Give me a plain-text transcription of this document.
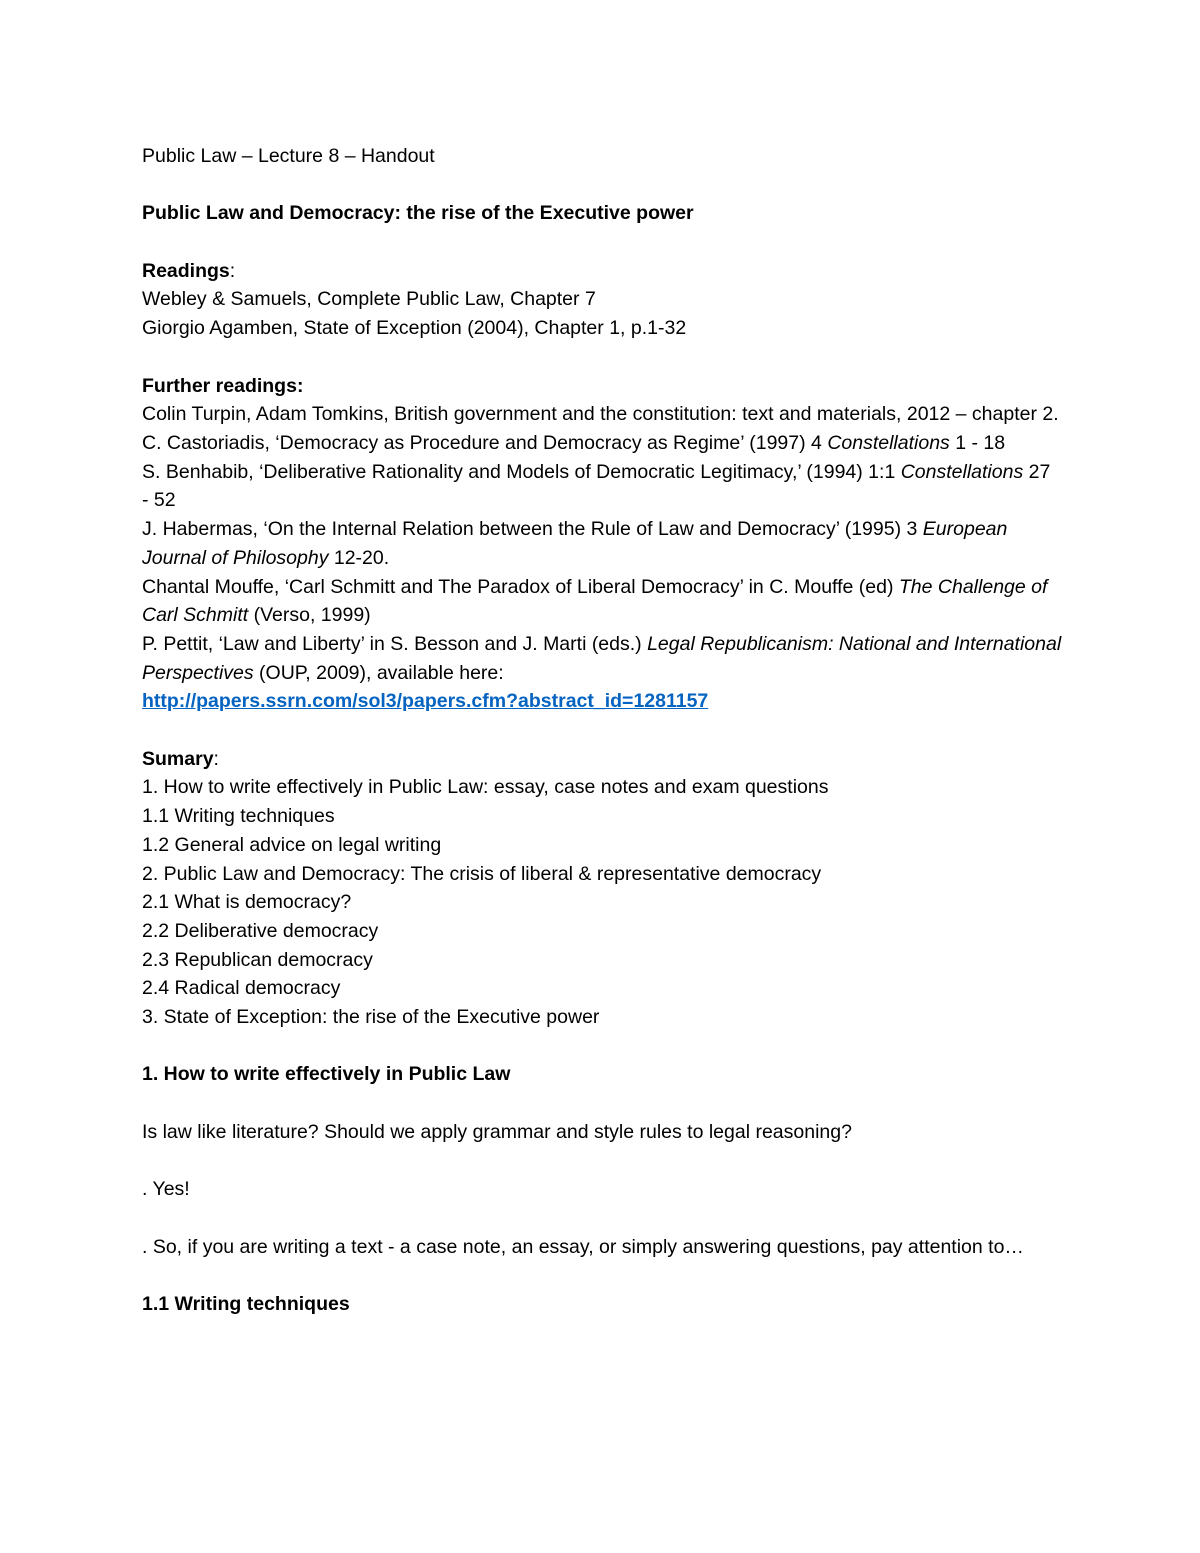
Public Law – Lecture 8 – Handout
Public Law and Democracy: the rise of the Executive power
Readings:
Webley & Samuels, Complete Public Law, Chapter 7
Giorgio Agamben, State of Exception (2004), Chapter 1, p.1-32
Further readings:
Colin Turpin, Adam Tomkins, British government and the constitution: text and materials, 2012 – chapter 2.
C. Castoriadis, ‘Democracy as Procedure and Democracy as Regime’ (1997) 4 Constellations 1 - 18
S. Benhabib, ‘Deliberative Rationality and Models of Democratic Legitimacy,’ (1994) 1:1 Constellations 27 - 52
J. Habermas, ‘On the Internal Relation between the Rule of Law and Democracy’ (1995) 3 European Journal of Philosophy 12-20.
Chantal Mouffe, ‘Carl Schmitt and The Paradox of Liberal Democracy’ in C. Mouffe (ed) The Challenge of Carl Schmitt (Verso, 1999)
P. Pettit, ‘Law and Liberty’ in S. Besson and J. Marti (eds.) Legal Republicanism: National and International Perspectives (OUP, 2009), available here:
http://papers.ssrn.com/sol3/papers.cfm?abstract_id=1281157
Sumary:
1. How to write effectively in Public Law: essay, case notes and exam questions
1.1 Writing techniques
1.2 General advice on legal writing
2. Public Law and Democracy: The crisis of liberal & representative democracy
2.1 What is democracy?
2.2 Deliberative democracy
2.3 Republican democracy
2.4 Radical democracy
3. State of Exception: the rise of the Executive power
1. How to write effectively in Public Law
Is law like literature? Should we apply grammar and style rules to legal reasoning?
. Yes!
. So, if you are writing a text - a case note, an essay, or simply answering questions, pay attention to…
1.1 Writing techniques
